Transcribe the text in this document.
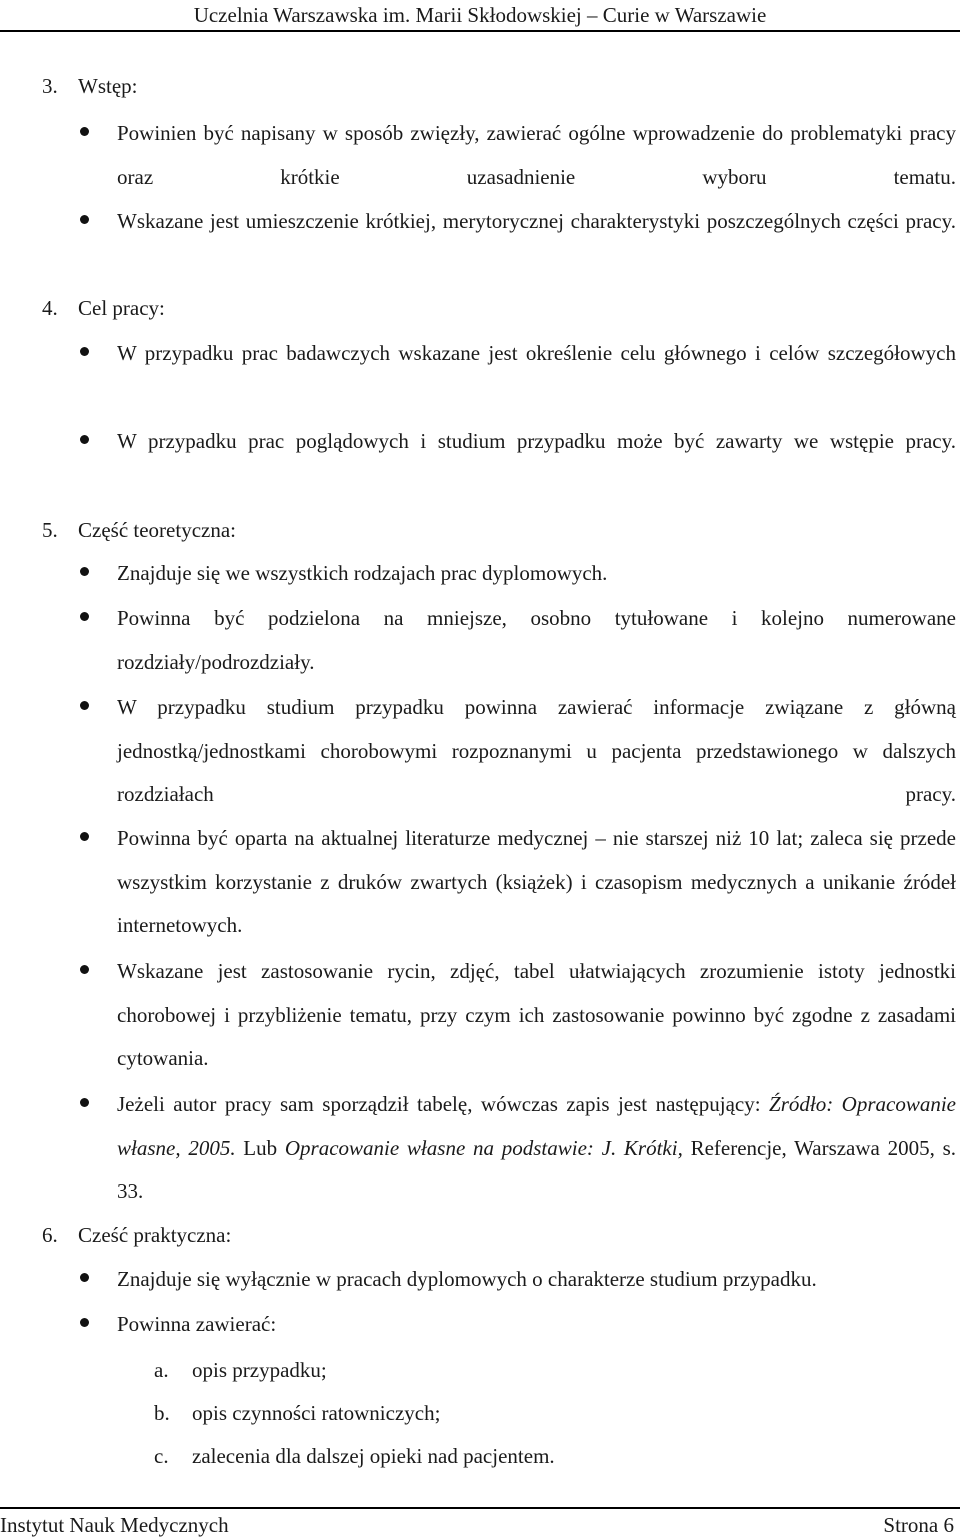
Uczelnia Warszawska im. Marii Skłodowskiej – Curie w Warszawie
3. Wstęp:
Powinien być napisany w sposób zwięzły, zawierać ogólne wprowadzenie do problematyki pracy oraz krótkie uzasadnienie wyboru tematu.
Wskazane jest umieszczenie krótkiej, merytorycznej charakterystyki poszczególnych części pracy.
4. Cel pracy:
W przypadku prac badawczych wskazane jest określenie celu głównego i celów szczegółowych
W przypadku prac poglądowych i studium przypadku może być zawarty we wstępie pracy.
5. Część teoretyczna:
Znajduje się we wszystkich rodzajach prac dyplomowych.
Powinna być podzielona na mniejsze, osobno tytułowane i kolejno numerowane rozdziały/podrozdziały.
W przypadku studium przypadku powinna zawierać informacje związane z główną jednostką/jednostkami chorobowymi rozpoznanymi u pacjenta przedstawionego w dalszych rozdziałach pracy.
Powinna być oparta na aktualnej literaturze medycznej – nie starszej niż 10 lat; zaleca się przede wszystkim korzystanie z druków zwartych (książek) i czasopism medycznych a unikanie źródeł internetowych.
Wskazane jest zastosowanie rycin, zdjęć, tabel ułatwiających zrozumienie istoty jednostki chorobowej i przybliżenie tematu, przy czym ich zastosowanie powinno być zgodne z zasadami cytowania.
Jeżeli autor pracy sam sporządził tabelę, wówczas zapis jest następujący: Źródło: Opracowanie własne, 2005. Lub Opracowanie własne na podstawie: J. Krótki, Referencje, Warszawa 2005, s. 33.
6. Cześć praktyczna:
Znajduje się wyłącznie w pracach dyplomowych o charakterze studium przypadku.
Powinna zawierać:
a. opis przypadku;
b. opis czynności ratowniczych;
c. zalecenia dla dalszej opieki nad pacjentem.
Instytut Nauk Medycznych	Strona 6
